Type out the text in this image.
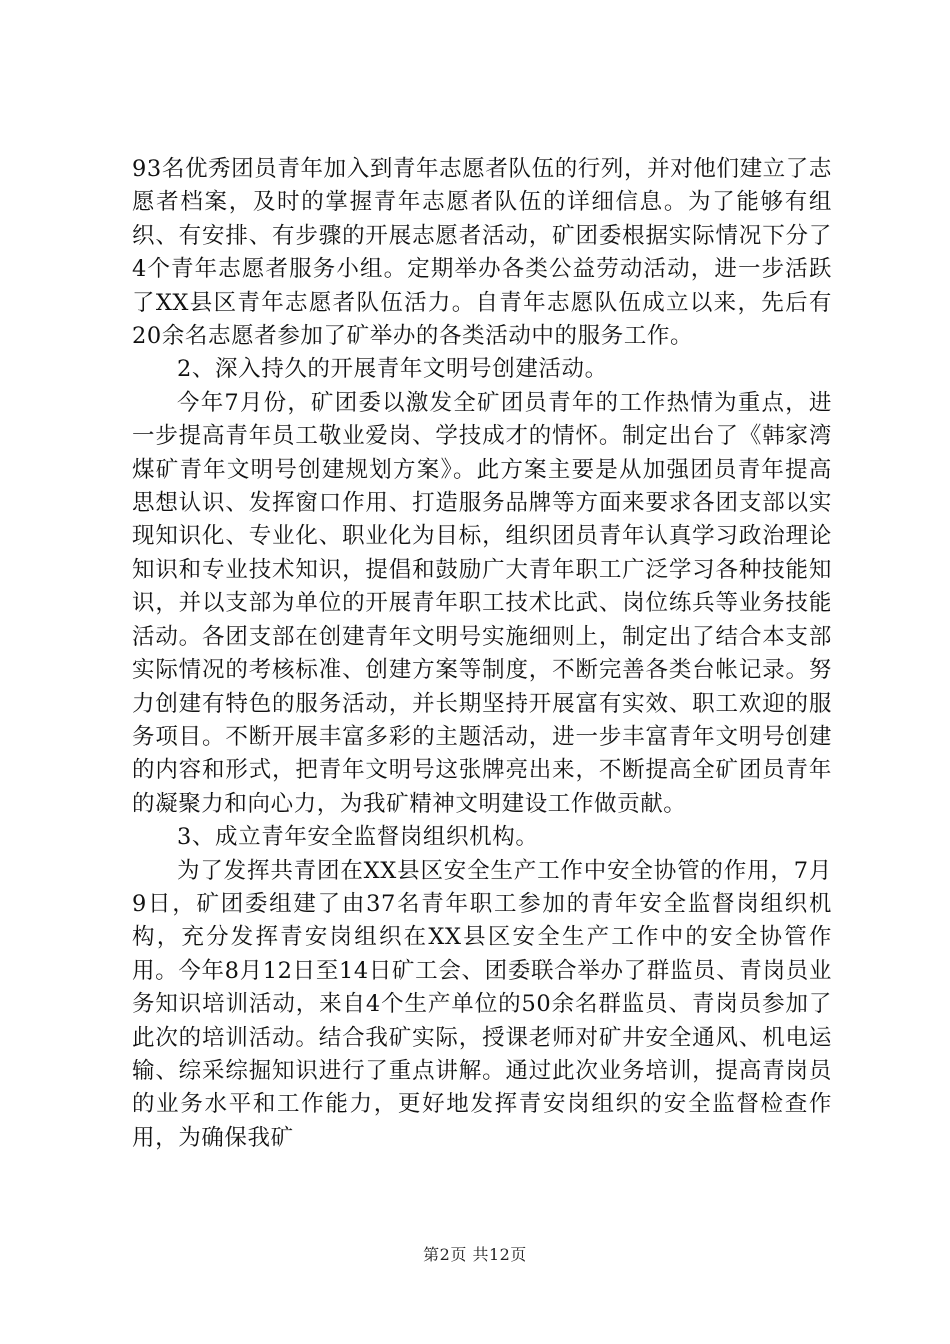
93名优秀团员青年加入到青年志愿者队伍的行列，并对他们建立了志愿者档案，及时的掌握青年志愿者队伍的详细信息。为了能够有组织、有安排、有步骤的开展志愿者活动，矿团委根据实际情况下分了4个青年志愿者服务小组。定期举办各类公益劳动活动，进一步活跃了XX县区青年志愿者队伍活力。自青年志愿队伍成立以来，先后有20余名志愿者参加了矿举办的各类活动中的服务工作。

2、深入持久的开展青年文明号创建活动。

今年7月份，矿团委以激发全矿团员青年的工作热情为重点，进一步提高青年员工敬业爱岗、学技成才的情怀。制定出台了《韩家湾煤矿青年文明号创建规划方案》。此方案主要是从加强团员青年提高思想认识、发挥窗口作用、打造服务品牌等方面来要求各团支部以实现知识化、专业化、职业化为目标，组织团员青年认真学习政治理论知识和专业技术知识，提倡和鼓励广大青年职工广泛学习各种技能知识，并以支部为单位的开展青年职工技术比武、岗位练兵等业务技能活动。各团支部在创建青年文明号实施细则上，制定出了结合本支部实际情况的考核标准、创建方案等制度，不断完善各类台帐记录。努力创建有特色的服务活动，并长期坚持开展富有实效、职工欢迎的服务项目。不断开展丰富多彩的主题活动，进一步丰富青年文明号创建的内容和形式，把青年文明号这张牌亮出来，不断提高全矿团员青年的凝聚力和向心力，为我矿精神文明建设工作做贡献。

3、成立青年安全监督岗组织机构。

为了发挥共青团在XX县区安全生产工作中安全协管的作用，7月9日，矿团委组建了由37名青年职工参加的青年安全监督岗组织机构，充分发挥青安岗组织在XX县区安全生产工作中的安全协管作用。今年8月12日至14日矿工会、团委联合举办了群监员、青岗员业务知识培训活动，来自4个生产单位的50余名群监员、青岗员参加了此次的培训活动。结合我矿实际，授课老师对矿井安全通风、机电运输、综采综掘知识进行了重点讲解。通过此次业务培训，提高青岗员的业务水平和工作能力，更好地发挥青安岗组织的安全监督检查作用，为确保我矿

第2页 共12页
